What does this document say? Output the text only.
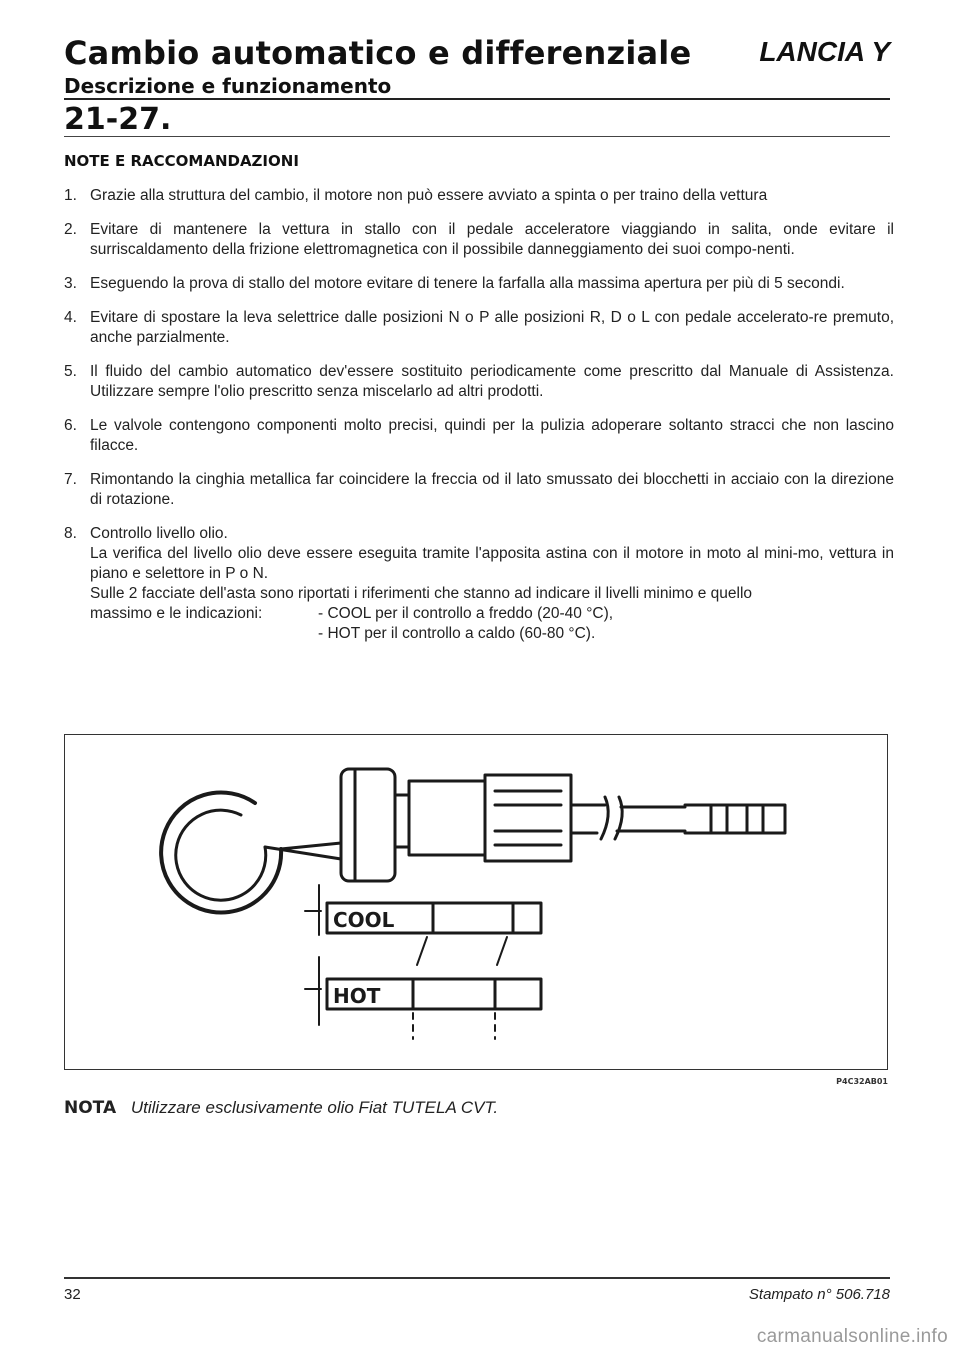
Cambio automatico e differenziale LANCIA Y
Descrizione e funzionamento
21-27.
NOTE E RACCOMANDAZIONI
1. Grazie alla struttura del cambio, il motore non può essere avviato a spinta o per traino della vettura
2. Evitare di mantenere la vettura in stallo con il pedale acceleratore viaggiando in salita, onde evitare il surriscaldamento della frizione elettromagnetica con il possibile danneggiamento dei suoi compo-nenti.
3. Eseguendo la prova di stallo del motore evitare di tenere la farfalla alla massima apertura per più di 5 secondi.
4. Evitare di spostare la leva selettrice dalle posizioni N o P alle posizioni R, D o L con pedale accelerato-re premuto, anche parzialmente.
5. Il fluido del cambio automatico dev'essere sostituito periodicamente come prescritto dal Manuale di Assistenza. Utilizzare sempre l'olio prescritto senza miscelarlo ad altri prodotti.
6. Le valvole contengono componenti molto precisi, quindi per la pulizia adoperare soltanto stracci che non lascino filacce.
7. Rimontando la cinghia metallica far coincidere la freccia od il lato smussato dei blocchetti in acciaio con la direzione di rotazione.
8. Controllo livello olio.

La verifica del livello olio deve essere eseguita tramite l'apposita astina con il motore in moto al mini-mo, vettura in piano e selettore in P o N.

Sulle 2 facciate dell'asta sono riportati i riferimenti che stanno ad indicare il livelli minimo e quello

massimo e le indicazioni:	- COOL per il controllo a freddo (20-40 °C),
- HOT per il controllo a caldo (60-80 °C).
COOL
HOT
P4C32AB01
NOTA Utilizzare esclusivamente olio Fiat TUTELA CVT.
32	Stampato n° 506.718
carmanualsonline.info
